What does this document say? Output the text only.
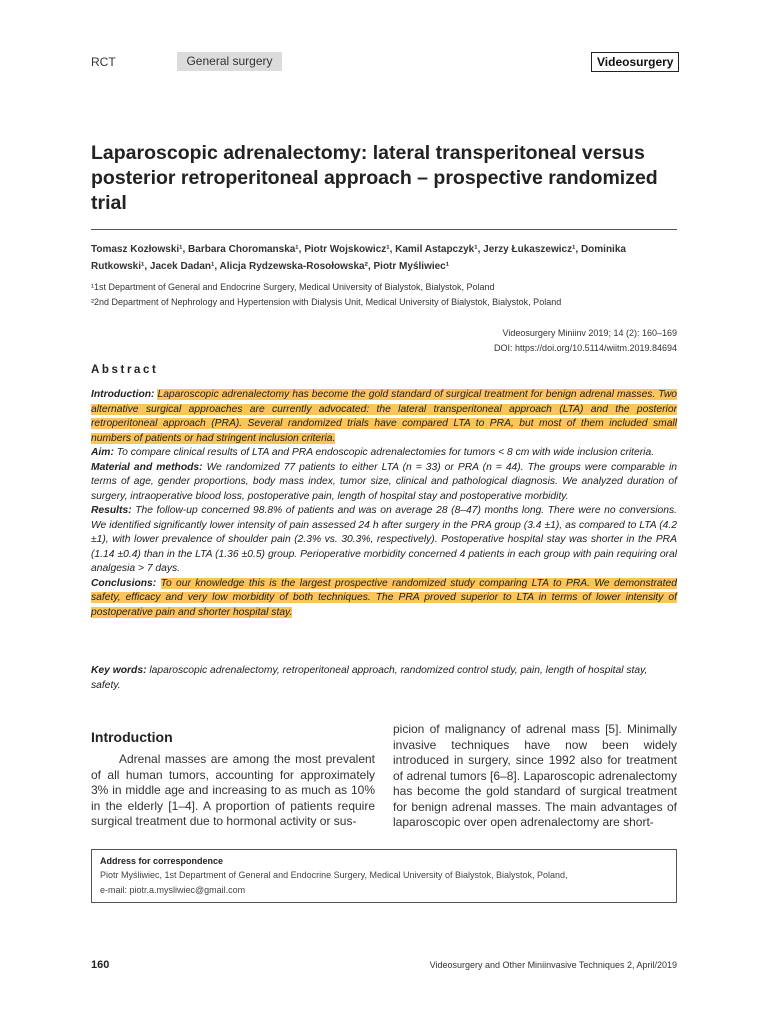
RCT	General surgery	Videosurgery
Laparoscopic adrenalectomy: lateral transperitoneal versus posterior retroperitoneal approach – prospective randomized trial
Tomasz Kozłowski¹, Barbara Choromanska¹, Piotr Wojskowicz¹, Kamil Astapczyk¹, Jerzy Łukaszewicz¹, Dominika Rutkowski¹, Jacek Dadan¹, Alicja Rydzewska-Rosołowska², Piotr Myśliwiec¹
¹1st Department of General and Endocrine Surgery, Medical University of Bialystok, Bialystok, Poland
²2nd Department of Nephrology and Hypertension with Dialysis Unit, Medical University of Bialystok, Bialystok, Poland
Videosurgery Miniinv 2019; 14 (2): 160–169
DOI: https://doi.org/10.5114/wiitm.2019.84694
Abstract

Introduction: Laparoscopic adrenalectomy has become the gold standard of surgical treatment for benign adrenal masses. Two alternative surgical approaches are currently advocated: the lateral transperitoneal approach (LTA) and the posterior retroperitoneal approach (PRA). Several randomized trials have compared LTA to PRA, but most of them included small numbers of patients or had stringent inclusion criteria.

Aim: To compare clinical results of LTA and PRA endoscopic adrenalectomies for tumors < 8 cm with wide inclusion criteria.

Material and methods: We randomized 77 patients to either LTA (n = 33) or PRA (n = 44). The groups were comparable in terms of age, gender proportions, body mass index, tumor size, clinical and pathological diagnosis. We analyzed duration of surgery, intraoperative blood loss, postoperative pain, length of hospital stay and postoperative morbidity.

Results: The follow-up concerned 98.8% of patients and was on average 28 (8–47) months long. There were no conversions. We identified significantly lower intensity of pain assessed 24 h after surgery in the PRA group (3.4 ±1), as compared to LTA (4.2 ±1), with lower prevalence of shoulder pain (2.3% vs. 30.3%, respectively). Postoperative hospital stay was shorter in the PRA (1.14 ±0.4) than in the LTA (1.36 ±0.5) group. Perioperative morbidity concerned 4 patients in each group with pain requiring oral analgesia > 7 days.

Conclusions: To our knowledge this is the largest prospective randomized study comparing LTA to PRA. We demonstrated safety, efficacy and very low morbidity of both techniques. The PRA proved superior to LTA in terms of lower intensity of postoperative pain and shorter hospital stay.

Key words: laparoscopic adrenalectomy, retroperitoneal approach, randomized control study, pain, length of hospital stay, safety.
Introduction
Adrenal masses are among the most prevalent of all human tumors, accounting for approximately 3% in middle age and increasing to as much as 10% in the elderly [1–4]. A proportion of patients require surgical treatment due to hormonal activity or sus-
picion of malignancy of adrenal mass [5]. Minimally invasive techniques have now been widely introduced in surgery, since 1992 also for treatment of adrenal tumors [6–8]. Laparoscopic adrenalectomy has become the gold standard of surgical treatment for benign adrenal masses. The main advantages of laparoscopic over open adrenalectomy are short-
Address for correspondence
Piotr Myśliwiec, 1st Department of General and Endocrine Surgery, Medical University of Bialystok, Bialystok, Poland,
e-mail: piotr.a.mysliwiec@gmail.com
160	Videosurgery and Other Miniinvasive Techniques 2, April/2019
